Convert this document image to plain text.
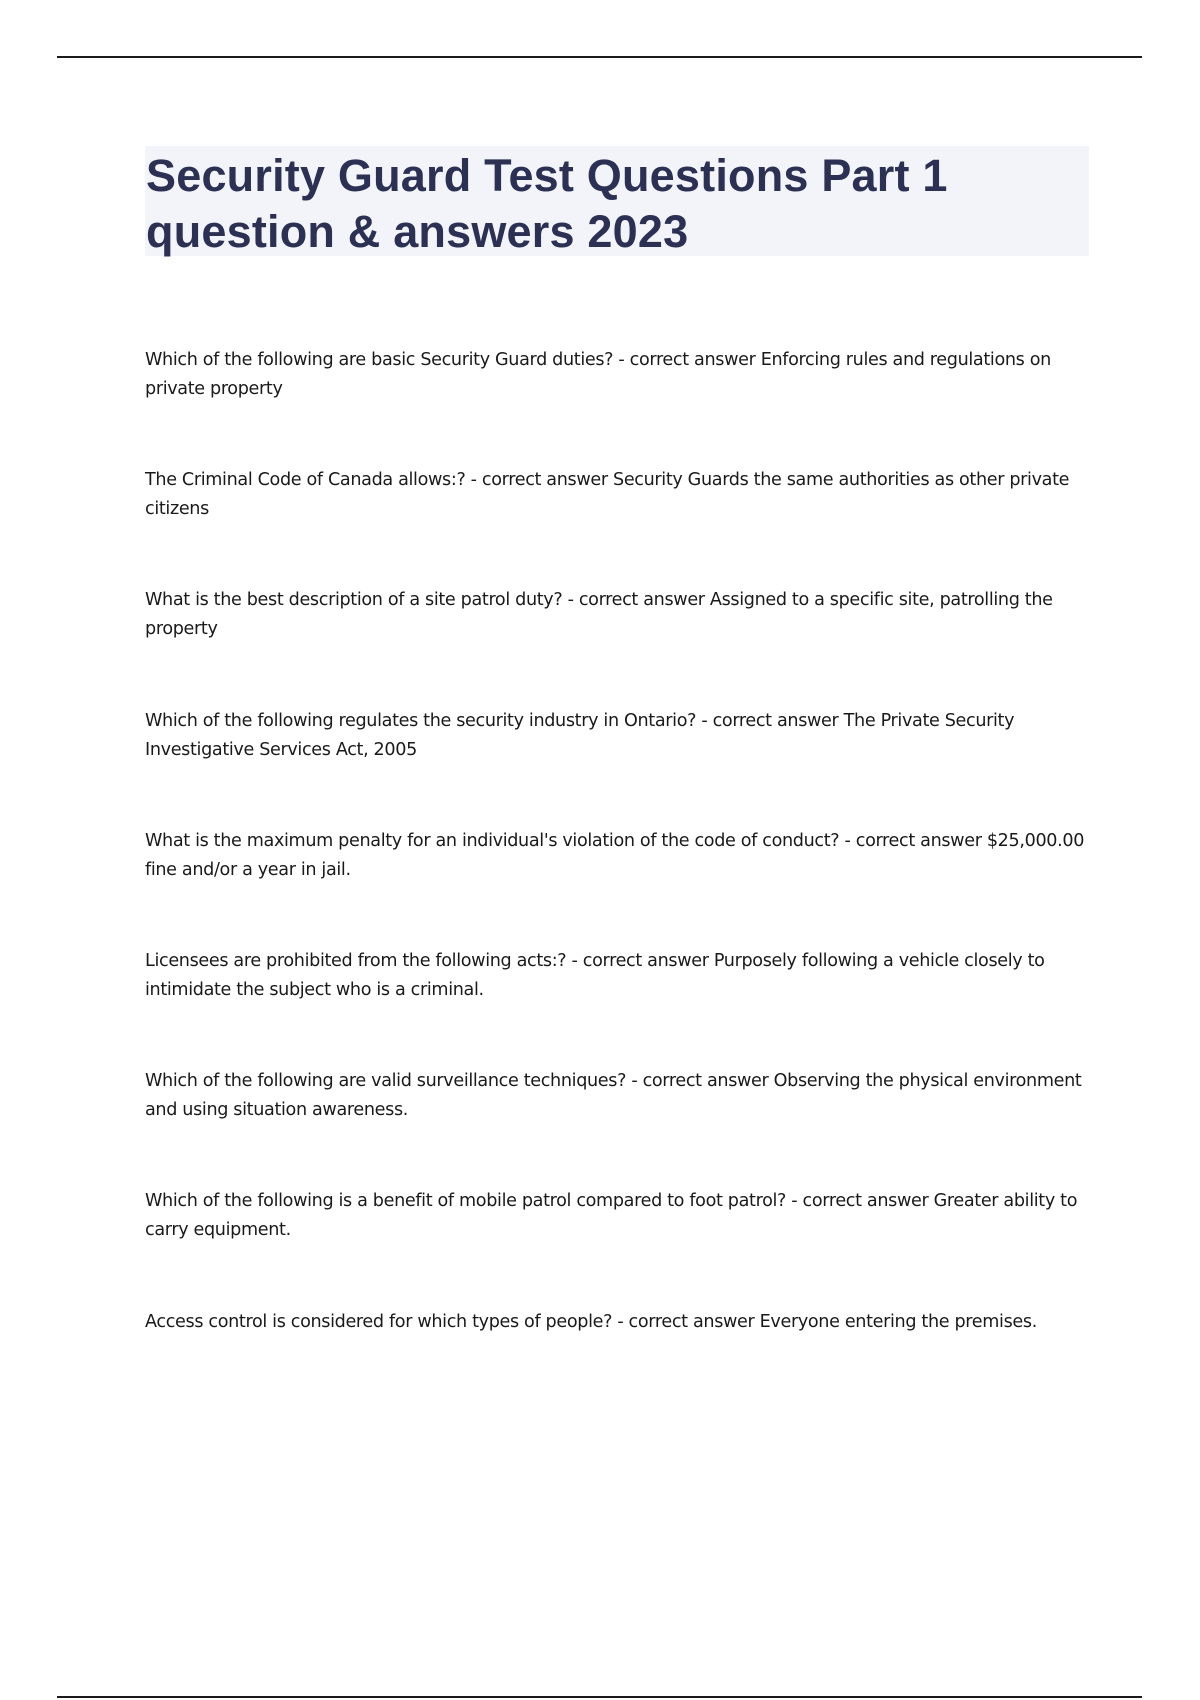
Security Guard Test Questions Part 1
question & answers 2023
Which of the following are basic Security Guard duties? - correct answer Enforcing rules and regulations on private property
The Criminal Code of Canada allows:? - correct answer Security Guards the same authorities as other private citizens
What is the best description of a site patrol duty? - correct answer Assigned to a specific site, patrolling the property
Which of the following regulates the security industry in Ontario? - correct answer The Private Security Investigative Services Act, 2005
What is the maximum penalty for an individual's violation of the code of conduct? - correct answer $25,000.00 fine and/or a year in jail.
Licensees are prohibited from the following acts:? - correct answer Purposely following a vehicle closely to intimidate the subject who is a criminal.
Which of the following are valid surveillance techniques? - correct answer Observing the physical environment and using situation awareness.
Which of the following is a benefit of mobile patrol compared to foot patrol? - correct answer Greater ability to carry equipment.
Access control is considered for which types of people? - correct answer Everyone entering the premises.
